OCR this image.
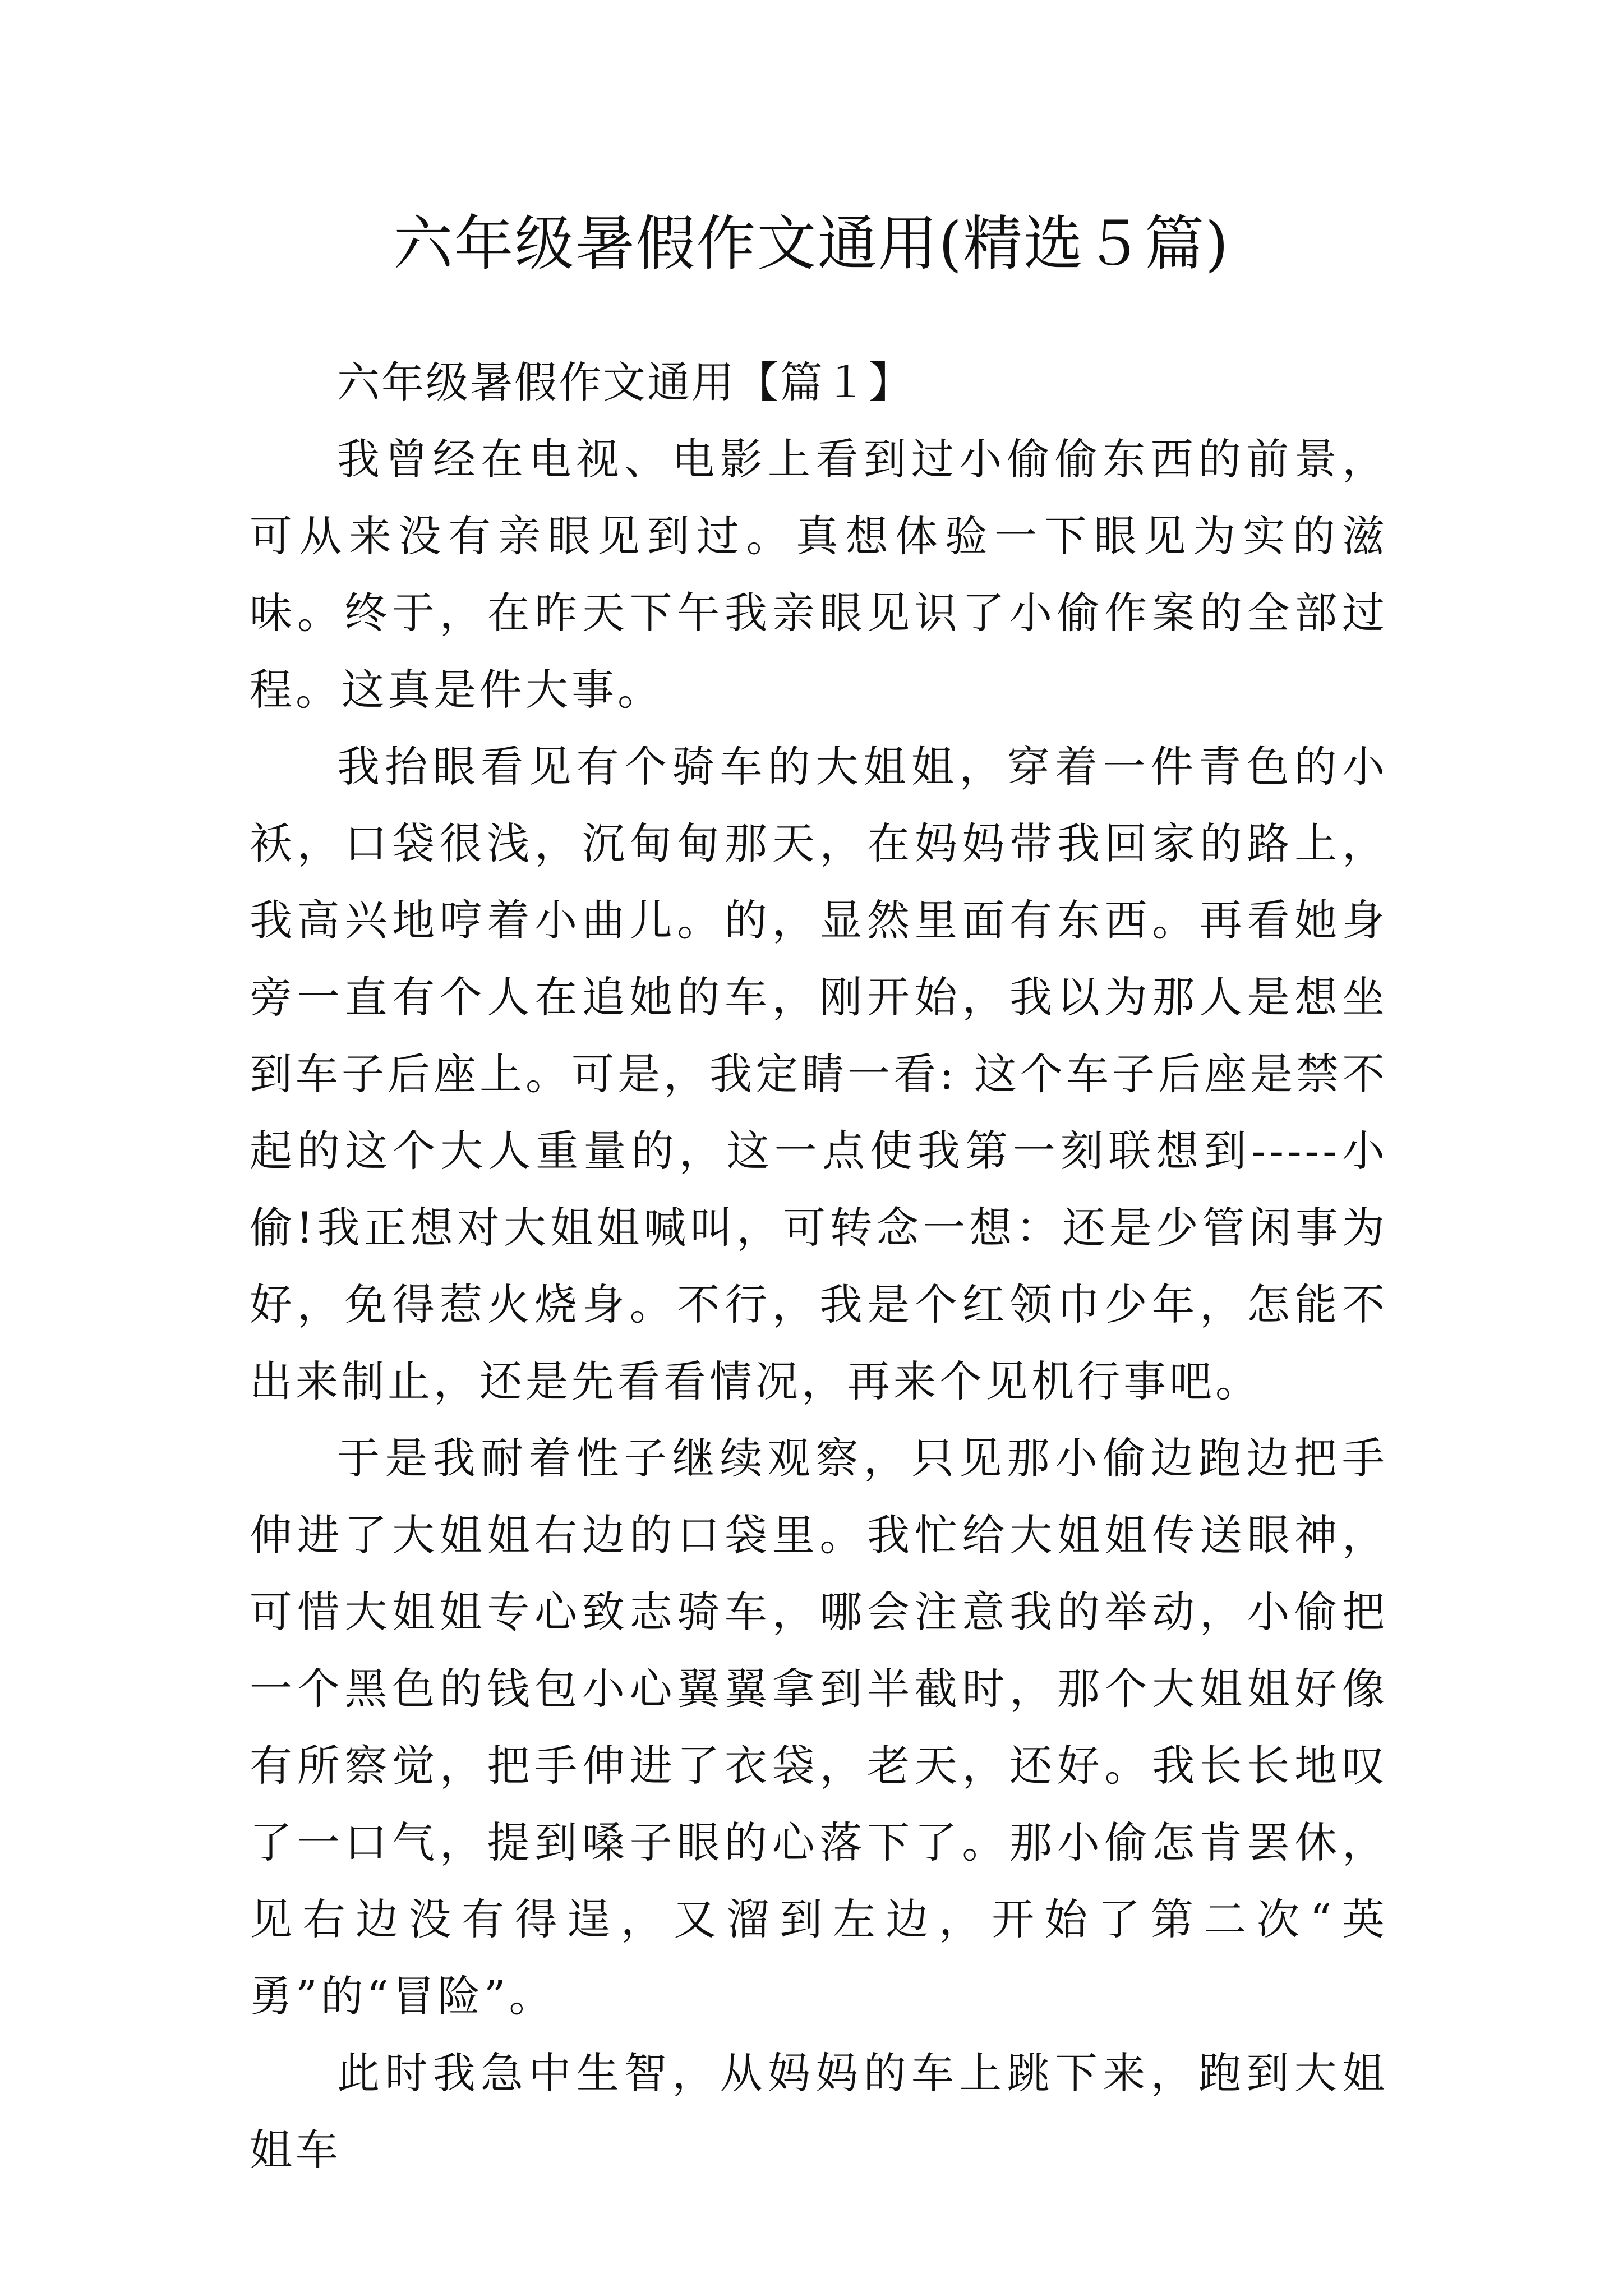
六年级暑假作文通用(精选５篇)

六年级暑假作文通用【篇１】

我曾经在电视、电影上看到过小偷偷东西的前景，可从来没有亲眼见到过。真想体验一下眼见为实的滋味。终于，在昨天下午我亲眼见识了小偷作案的全部过程。这真是件大事。

我抬眼看见有个骑车的大姐姐，穿着一件青色的小袄，口袋很浅，沉甸甸那天，在妈妈带我回家的路上，我高兴地哼着小曲儿。的，显然里面有东西。再看她身旁一直有个人在追她的车，刚开始，我以为那人是想坐到车子后座上。可是，我定睛一看: 这个车子后座是禁不起的这个大人重量的，这一点使我第一刻联想到-----小偷!我正想对大姐姐喊叫，可转念一想：还是少管闲事为好，免得惹火烧身。不行，我是个红领巾少年，怎能不出来制止，还是先看看情况，再来个见机行事吧。

于是我耐着性子继续观察，只见那小偷边跑边把手伸进了大姐姐右边的口袋里。我忙给大姐姐传送眼神，可惜大姐姐专心致志骑车，哪会注意我的举动，小偷把一个黑色的钱包小心翼翼拿到半截时，那个大姐姐好像有所察觉，把手伸进了衣袋，老天，还好。我长长地叹了一口气，提到嗓子眼的心落下了。那小偷怎肯罢休，见右边没有得逞，又溜到左边，开始了第二次“英勇”的“冒险”。

此时我急中生智，从妈妈的车上跳下来，跑到大姐姐车
